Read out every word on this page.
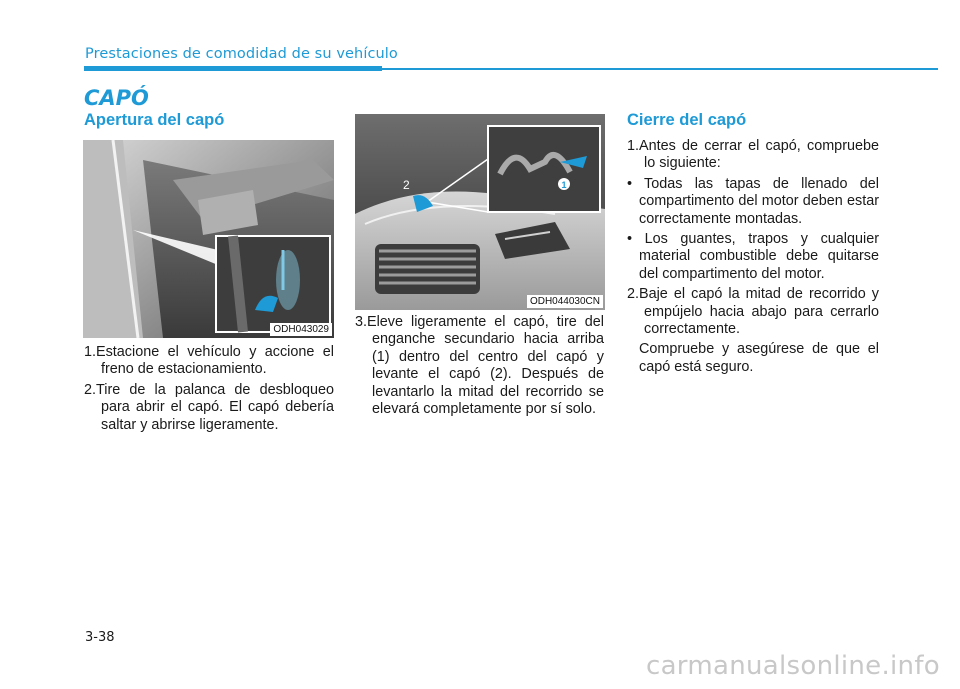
Prestaciones de comodidad de su vehículo
CAPÓ
Apertura del capó
ODH043029

1.Estacione el vehículo y accione el freno de estacionamiento.

2.Tire de la palanca de desbloqueo para abrir el capó. El capó debería saltar y abrirse ligeramente.

1
2
ODH044030CN

3.Eleve ligeramente el capó, tire del enganche secundario hacia arriba (1) dentro del centro del capó y levante el capó (2). Después de levantarlo la mitad del recorrido se elevará completamente por sí solo.

Cierre del capó

1.Antes de cerrar el capó, compruebe lo siguiente:

• Todas las tapas de llenado del compartimento del motor deben estar correctamente montadas.

• Los guantes, trapos y cualquier material combustible debe quitarse del compartimento del motor.

2.Baje el capó la mitad de recorrido y empújelo hacia abajo para cerrarlo correctamente.

Compruebe y asegúrese de que el capó está seguro.

3-38
carmanualsonline.info
